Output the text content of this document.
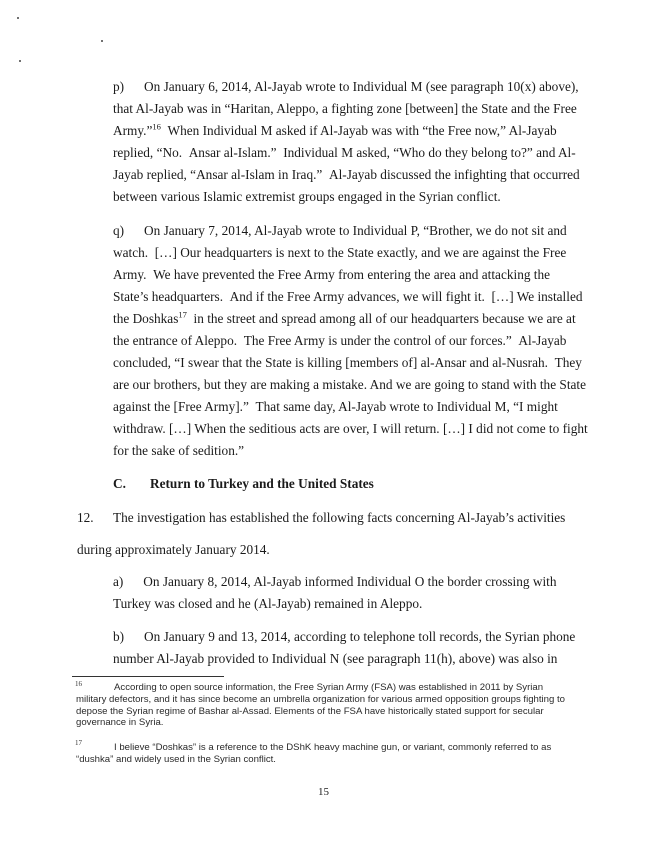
p)      On January 6, 2014, Al-Jayab wrote to Individual M (see paragraph 10(x) above),
that Al-Jayab was in “Haritan, Aleppo, a fighting zone [between] the State and the Free
Army.”$^{16}$  When Individual M asked if Al-Jayab was with “the Free now,” Al-Jayab
replied, “No.  Ansar al-Islam.”  Individual M asked, “Who do they belong to?” and Al-
Jayab replied, “Ansar al-Islam in Iraq.”  Al-Jayab discussed the infighting that occurred
between various Islamic extremist groups engaged in the Syrian conflict.
q)      On January 7, 2014, Al-Jayab wrote to Individual P, “Brother, we do not sit and
watch.  […] Our headquarters is next to the State exactly, and we are against the Free
Army.  We have prevented the Free Army from entering the area and attacking the
State’s headquarters.  And if the Free Army advances, we will fight it.  […] We installed
the Doshkas$^{17}$  in the street and spread among all of our headquarters because we are at
the entrance of Aleppo.  The Free Army is under the control of our forces.”  Al-Jayab
concluded, “I swear that the State is killing [members of] al-Ansar and al-Nusrah.  They
are our brothers, but they are making a mistake. And we are going to stand with the State
against the [Free Army].”  That same day, Al-Jayab wrote to Individual M, “I might
withdraw. […] When the seditious acts are over, I will return. […] I did not come to fight
for the sake of sedition.”
C. Return to Turkey and the United States
12. The investigation has established the following facts concerning Al-Jayab’s activities
during approximately January 2014.
a)      On January 8, 2014, Al-Jayab informed Individual O the border crossing with
Turkey was closed and he (Al-Jayab) remained in Aleppo.
b)      On January 9 and 13, 2014, according to telephone toll records, the Syrian phone
number Al-Jayab provided to Individual N (see paragraph 11(h), above) was also in
16	According to open source information, the Free Syrian Army (FSA) was established in 2011 by Syrian
military defectors, and it has since become an umbrella organization for various armed opposition groups fighting to
depose the Syrian regime of Bashar al-Assad. Elements of the FSA have historically stated support for secular
governance in Syria.
17	I believe “Doshkas” is a reference to the DShK heavy machine gun, or variant, commonly referred to as
“dushka” and widely used in the Syrian conflict.
15
